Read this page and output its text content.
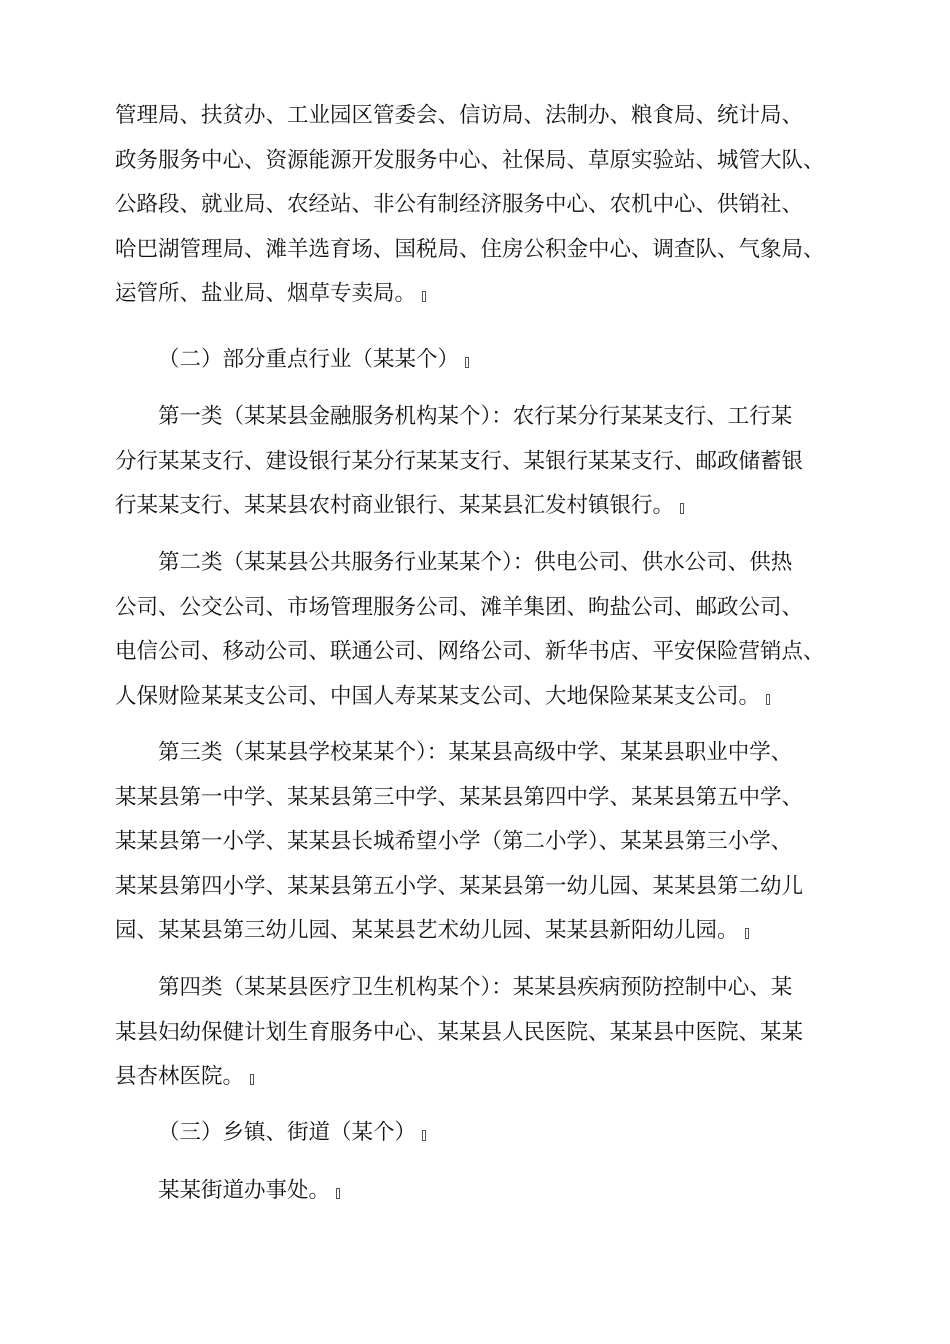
管理局、扶贫办、工业园区管委会、信访局、法制办、粮食局、统计局、
政务服务中心、资源能源开发服务中心、社保局、草原实验站、城管大队、
公路段、就业局、农经站、非公有制经济服务中心、农机中心、供销社、
哈巴湖管理局、滩羊选育场、国税局、住房公积金中心、调查队、气象局、
运管所、盐业局、烟草专卖局。
（二）部分重点行业（某某个）
第一类（某某县金融服务机构某个）：农行某分行某某支行、工行某
分行某某支行、建设银行某分行某某支行、某银行某某支行、邮政储蓄银
行某某支行、某某县农村商业银行、某某县汇发村镇银行。
第二类（某某县公共服务行业某某个）：供电公司、供水公司、供热
公司、公交公司、市场管理服务公司、滩羊集团、昫盐公司、邮政公司、
电信公司、移动公司、联通公司、网络公司、新华书店、平安保险营销点、
人保财险某某支公司、中国人寿某某支公司、大地保险某某支公司。
第三类（某某县学校某某个）：某某县高级中学、某某县职业中学、
某某县第一中学、某某县第三中学、某某县第四中学、某某县第五中学、
某某县第一小学、某某县长城希望小学（第二小学）、某某县第三小学、
某某县第四小学、某某县第五小学、某某县第一幼儿园、某某县第二幼儿
园、某某县第三幼儿园、某某县艺术幼儿园、某某县新阳幼儿园。
第四类（某某县医疗卫生机构某个）：某某县疾病预防控制中心、某
某县妇幼保健计划生育服务中心、某某县人民医院、某某县中医院、某某
县杏林医院。
（三）乡镇、街道（某个）
某某街道办事处。
